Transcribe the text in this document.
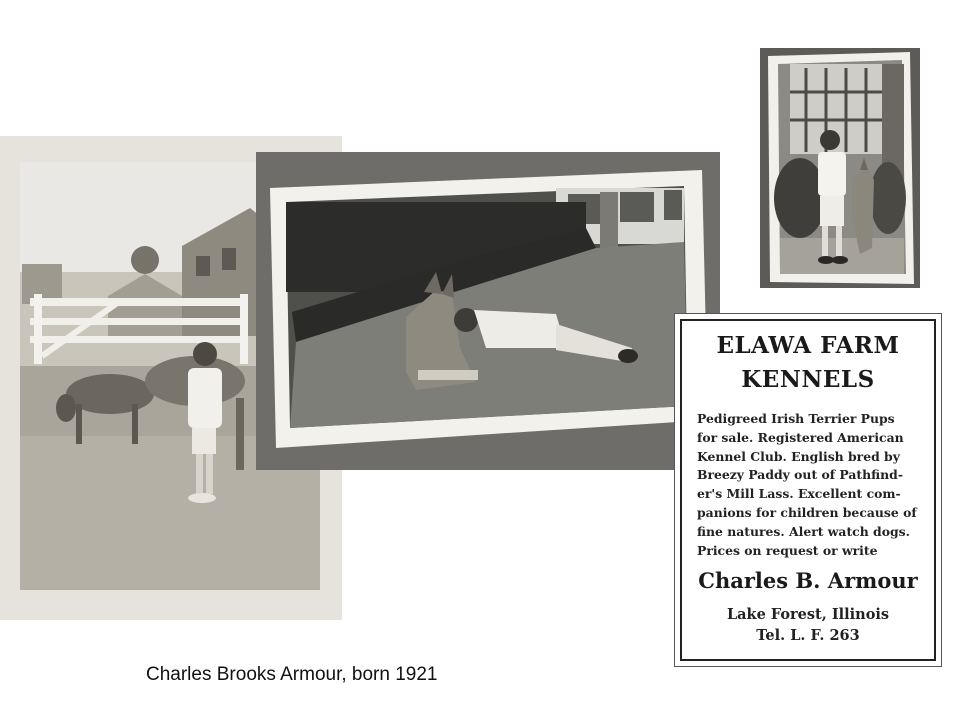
ELAWA FARM
KENNELS
Pedigreed Irish Terrier Pups
for sale. Registered American
Kennel Club. English bred by
Breezy Paddy out of Pathfind-
er's Mill Lass. Excellent com-
panions for children because of
fine natures. Alert watch dogs.
Prices on request or write
Charles B. Armour
Lake Forest, Illinois
Tel. L. F. 263
Charles Brooks Armour, born 1921
